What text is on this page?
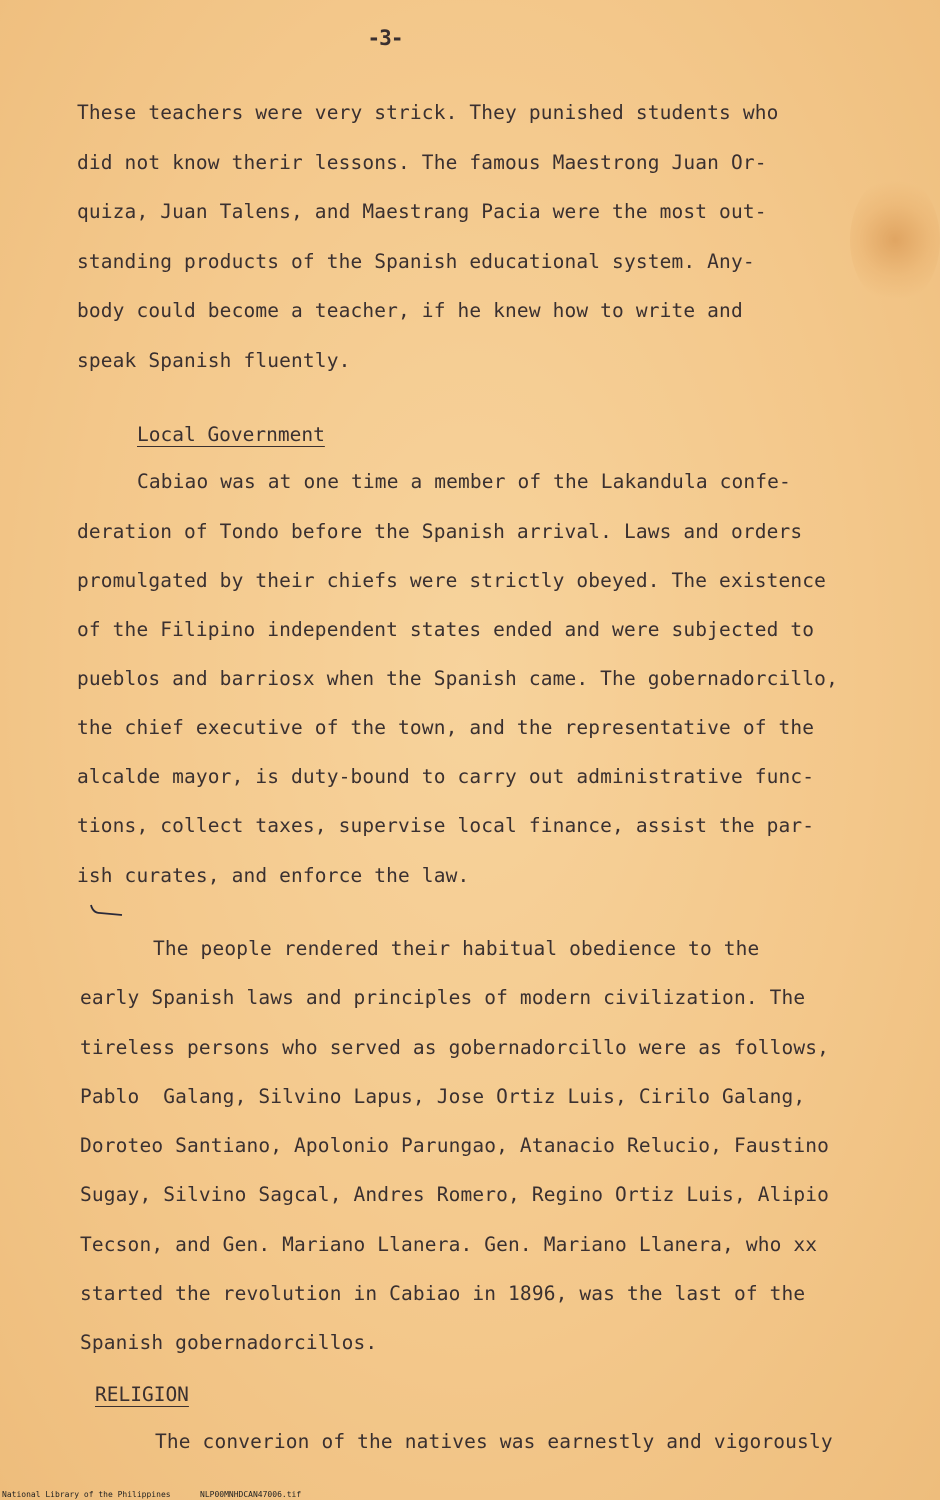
-3-
These teachers were very strick. They punished students who
did not know therir lessons. The famous Maestrong Juan Or-
quiza, Juan Talens, and Maestrang Pacia were the most out-
standing products of the Spanish educational system. Any-
body could become a teacher, if he knew how to write and
speak Spanish fluently.
Local Government
Cabiao was at one time a member of the Lakandula confe-
deration of Tondo before the Spanish arrival. Laws and orders
promulgated by their chiefs were strictly obeyed. The existence
of the Filipino independent states ended and were subjected to
pueblos and barriosx when the Spanish came. The gobernadorcillo,
the chief executive of the town, and the representative of the
alcalde mayor, is duty-bound to carry out administrative func-
tions, collect taxes, supervise local finance, assist the par-
ish curates, and enforce the law.
The people rendered their habitual obedience to the
early Spanish laws and principles of modern civilization. The
tireless persons who served as gobernadorcillo were as follows,
Pablo  Galang, Silvino Lapus, Jose Ortiz Luis, Cirilo Galang,
Doroteo Santiano, Apolonio Parungao, Atanacio Relucio, Faustino
Sugay, Silvino Sagcal, Andres Romero, Regino Ortiz Luis, Alipio
Tecson, and Gen. Mariano Llanera. Gen. Mariano Llanera, who xx
started the revolution in Cabiao in 1896, was the last of the
Spanish gobernadorcillos.
RELIGION
The converion of the natives was earnestly and vigorously
National Library of the Philippines	NLP00MNHDCAN47006.tif
